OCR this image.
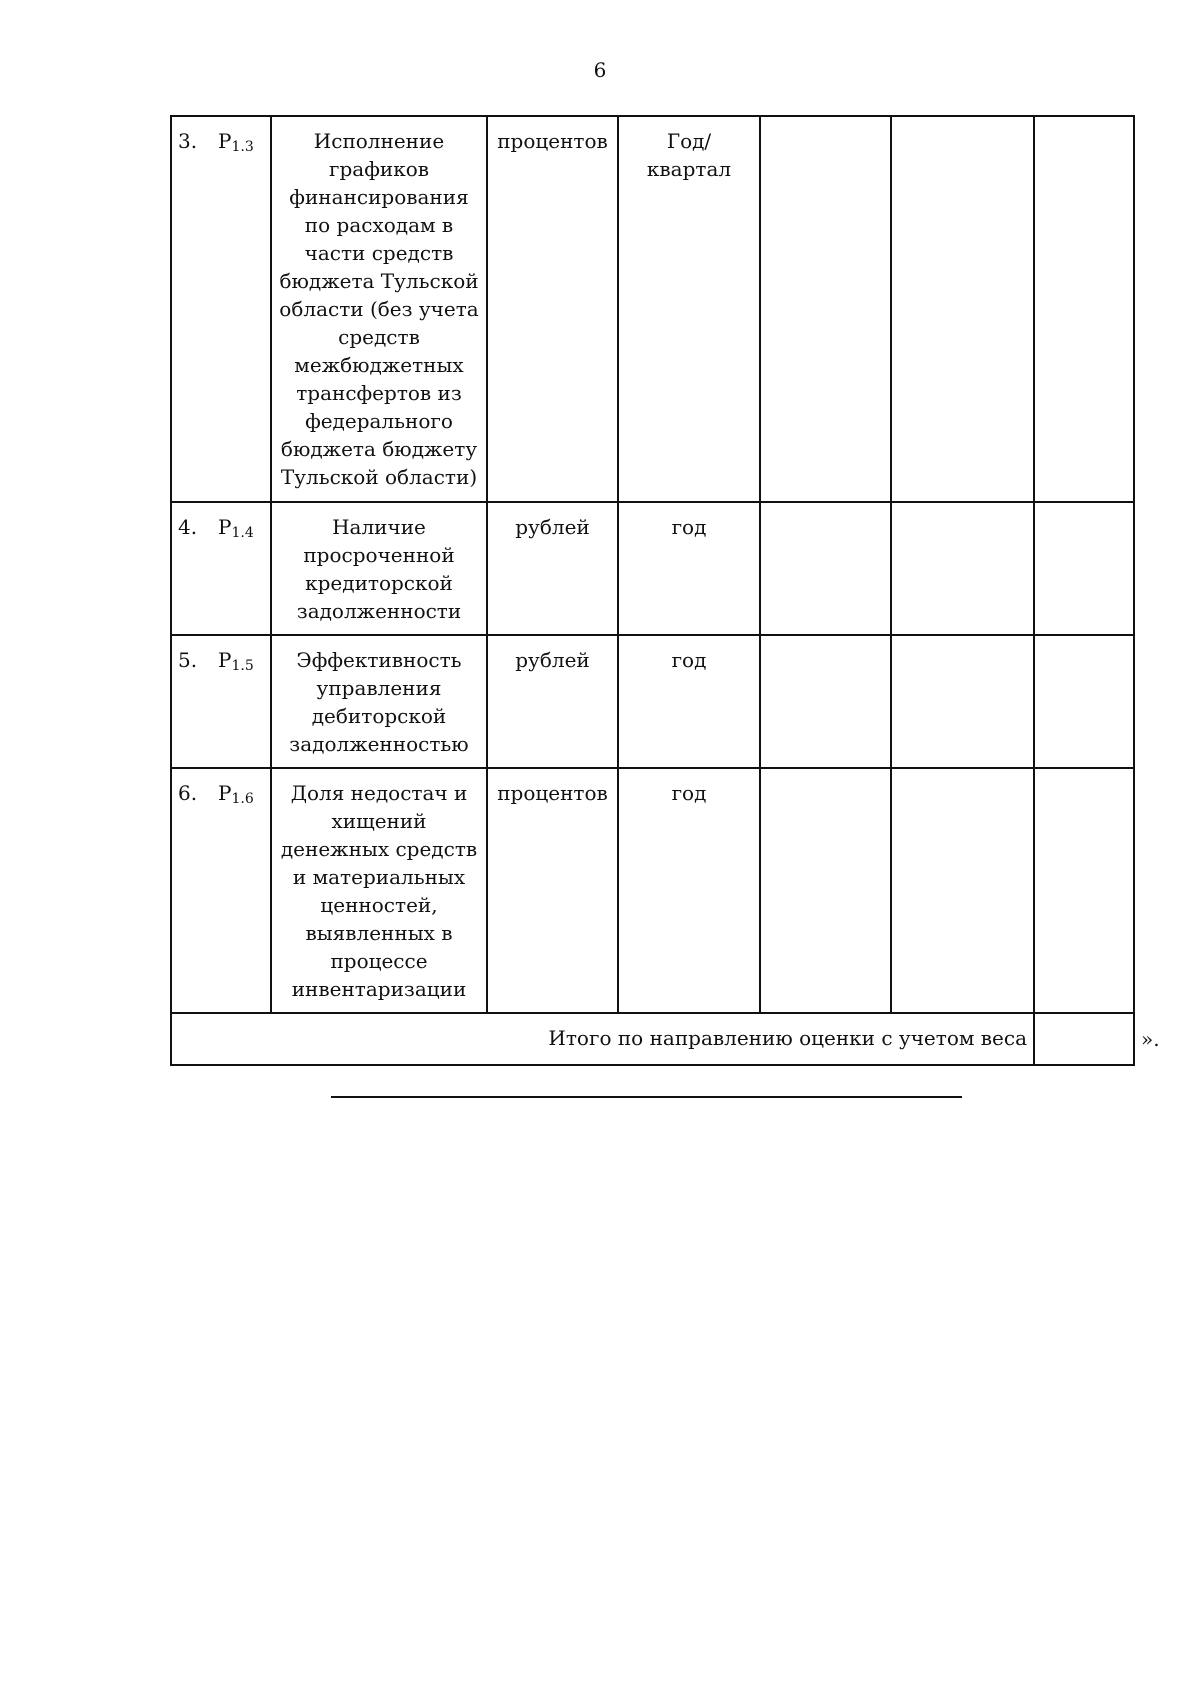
6
3. $P_{1.3}$	Исполнение графиков финансирования по расходам в части средств бюджета Тульской области (без учета средств межбюджетных трансфертов из федерального бюджета бюджету Тульской области)	процентов	Год/квартал			
4. $P_{1.4}$	Наличие просроченной кредиторской задолженности	рублей	год			
5. $P_{1.5}$	Эффективность управления дебиторской задолженностью	рублей	год			
6. $P_{1.6}$	Доля недостач и хищений денежных средств и материальных ценностей, выявленных в процессе инвентаризации	процентов	год			
Итого по направлению оценки с учетом веса							».
